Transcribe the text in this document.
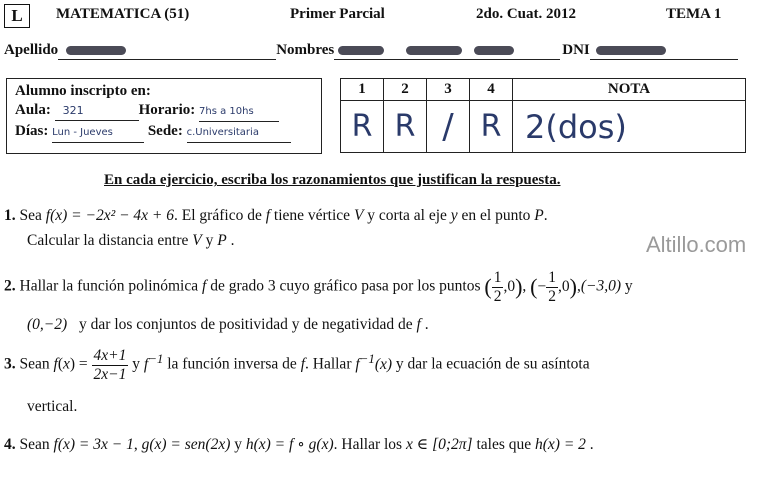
L	MATEMATICA (51)	Primer Parcial	2do. Cuat. 2012	TEMA 1
Apellido	Nombres	DNI
Alumno inscripto en:
Aula: 321	Horario: 7hs a 10hs
Días: Lun - Jueves Sede: c.Universitaria
1	2	3	4	NOTA
R	R	/	R	2(dos)
En cada ejercicio, escriba los razonamientos que justifican la respuesta.
Altillo.com
1. Sea f(x) = −2x² − 4x + 6. El gráfico de f tiene vértice V y corta al eje y en el punto P.
Calcular la distancia entre V y P .
2. Hallar la función polinómica f de grado 3 cuyo gráfico pasa por los puntos ( $\frac{1}{2} ,0$), (− $\frac{1}{2} ,0),(-3,0)$ y
(0,−2) y dar los conjuntos de positividad y de negatividad de f .
3. Sean $f(x) = \frac{4x+1}{2x-1}$ y $f^{-1}$ la función inversa de f. Hallar $f^{-1}(x)$ y dar la ecuación de su asíntota
vertical.
4. Sean f(x) = 3x − 1, g(x) = sen(2x) y h(x) = f ∘ g(x). Hallar los x ∈ [0;2π] tales que h(x) = 2 .
